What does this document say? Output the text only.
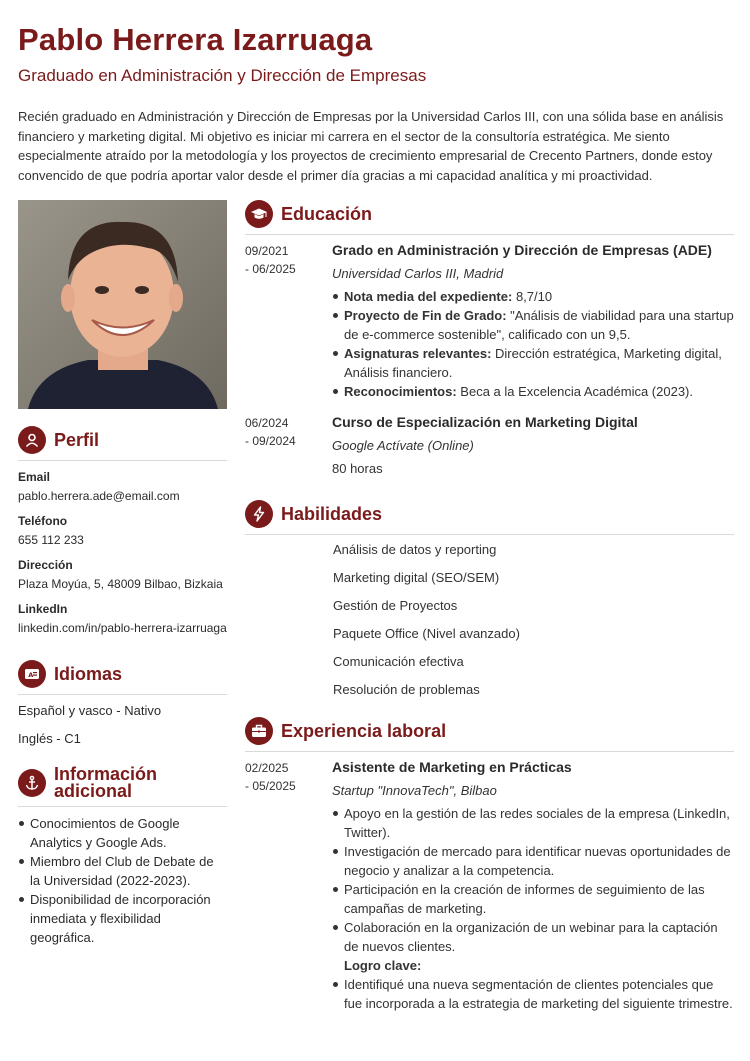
Pablo Herrera Izarruaga
Graduado en Administración y Dirección de Empresas

Recién graduado en Administración y Dirección de Empresas por la Universidad Carlos III, con una sólida base en análisis financiero y marketing digital. Mi objetivo es iniciar mi carrera en el sector de la consultoría estratégica. Me siento especialmente atraído por la metodología y los proyectos de crecimiento empresarial de Crecento Partners, donde estoy convencido de que podría aportar valor desde el primer día gracias a mi capacidad analítica y mi proactividad.

Perfil
Email
pablo.herrera.ade@email.com
Teléfono
655 112 233
Dirección
Plaza Moyúa, 5, 48009 Bilbao, Bizkaia
LinkedIn
linkedin.com/in/pablo-herrera-izarruaga
A Idiomas
Español y vasco - Nativo
Inglés - C1
Información
adicional
Conocimientos de Google Analytics y Google Ads.
Miembro del Club de Debate de la Universidad (2022-2023).
Disponibilidad de incorporación inmediata y flexibilidad geográfica.
Educación
09/2021
- 06/2025
Grado en Administración y Dirección de Empresas (ADE)
Universidad Carlos III, Madrid
Nota media del expediente: 8,7/10
Proyecto de Fin de Grado: "Análisis de viabilidad para una startup de e-commerce sostenible", calificado con un 9,5.
Asignaturas relevantes: Dirección estratégica, Marketing digital, Análisis financiero.
Reconocimientos: Beca a la Excelencia Académica (2023).
06/2024
- 09/2024
Curso de Especialización en Marketing Digital
Google Actívate (Online)
80 horas
Habilidades
Análisis de datos y reporting
Marketing digital (SEO/SEM)
Gestión de Proyectos
Paquete Office (Nivel avanzado)
Comunicación efectiva
Resolución de problemas
Experiencia laboral
02/2025
- 05/2025
Asistente de Marketing en Prácticas
Startup "InnovaTech", Bilbao
Apoyo en la gestión de las redes sociales de la empresa (LinkedIn, Twitter).
Investigación de mercado para identificar nuevas oportunidades de negocio y analizar a la competencia.
Participación en la creación de informes de seguimiento de las campañas de marketing.
Colaboración en la organización de un webinar para la captación de nuevos clientes.
Logro clave:
Identifiqué una nueva segmentación de clientes potenciales que fue incorporada a la estrategia de marketing del siguiente trimestre.
